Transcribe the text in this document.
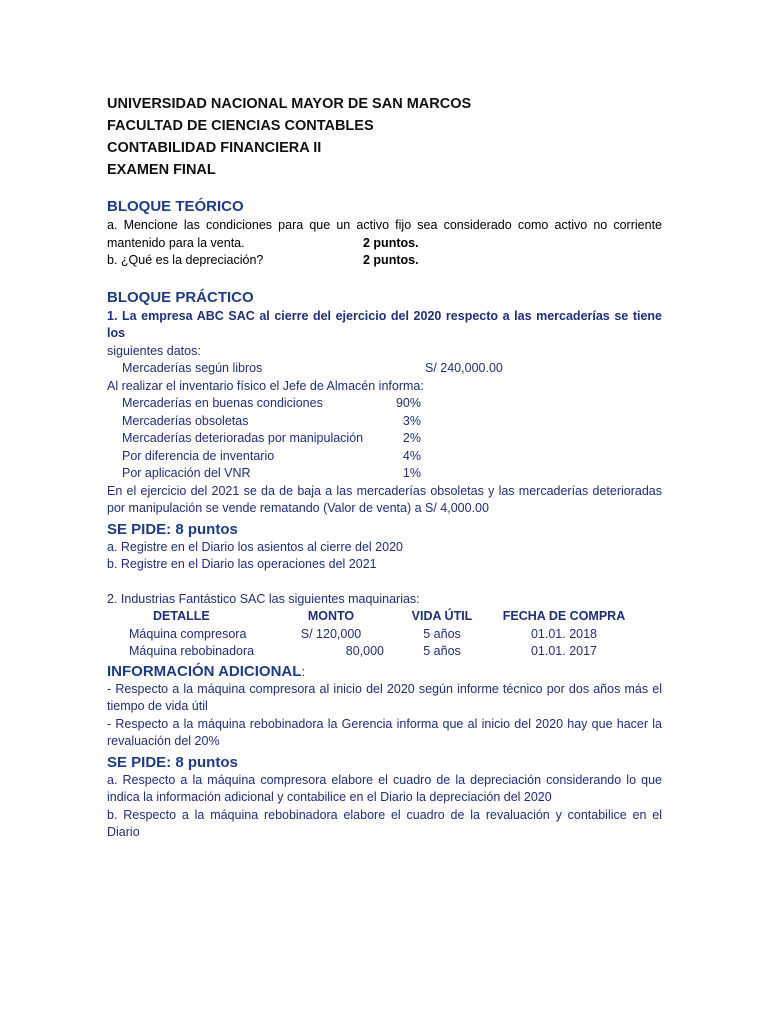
UNIVERSIDAD NACIONAL MAYOR DE SAN MARCOS
FACULTAD DE CIENCIAS CONTABLES
CONTABILIDAD FINANCIERA II
EXAMEN FINAL
BLOQUE TEÓRICO
a. Mencione las condiciones para que un activo fijo sea considerado como activo no corriente mantenido para la venta.	2 puntos.
b. ¿Qué es la depreciación?	2 puntos.
BLOQUE PRÁCTICO
1. La empresa ABC SAC al cierre del ejercicio del 2020 respecto a las mercaderías se tiene los
siguientes datos:
Mercaderías según libros	S/ 240,000.00
Al realizar el inventario físico el Jefe de Almacén informa:
Mercaderías en buenas condiciones	90%
Mercaderías obsoletas	3%
Mercaderías deterioradas por manipulación	2%
Por diferencia de inventario	4%
Por aplicación del VNR	1%
En el ejercicio del 2021 se da de baja a las mercaderías obsoletas y las mercaderías deterioradas por manipulación se vende rematando (Valor de venta) a S/ 4,000.00
SE PIDE: 8 puntos
a. Registre en el Diario los asientos al cierre del 2020
b. Registre en el Diario las operaciones del 2021
2. Industrias Fantástico SAC las siguientes maquinarias:
DETALLE	MONTO	VIDA ÚTIL	FECHA DE COMPRA
Máquina compresora	S/ 120,000	5 años	01.01. 2018
Máquina rebobinadora	80,000	5 años	01.01. 2017
INFORMACIÓN ADICIONAL:
- Respecto a la máquina compresora al inicio del 2020 según informe técnico por dos años más el tiempo de vida útil
- Respecto a la máquina rebobinadora la Gerencia informa que al inicio del 2020 hay que hacer la revaluación del 20%
SE PIDE: 8 puntos
a. Respecto a la máquina compresora elabore el cuadro de la depreciación considerando lo que indica la información adicional y contabilice en el Diario la depreciación del 2020
b. Respecto a la máquina rebobinadora elabore el cuadro de la revaluación y contabilice en el Diario
